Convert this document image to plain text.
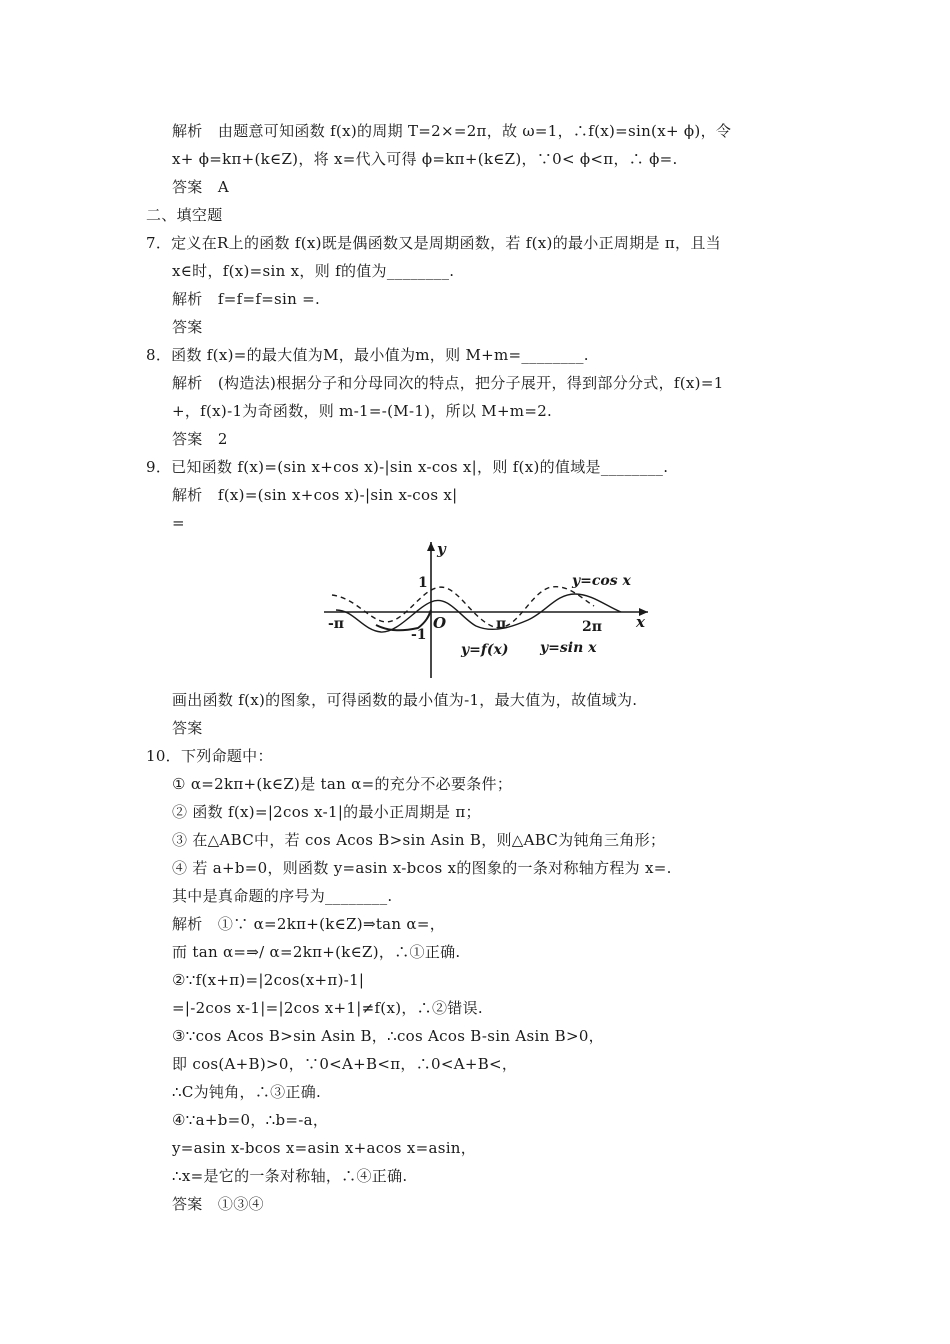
解析　由题意可知函数 f(x)的周期 T=2×=2π，故 ω=1，∴f(x)=sin(x+ ϕ)，令
x+ ϕ=kπ+(k∈Z)，将 x=代入可得 ϕ=kπ+(k∈Z)，∵0< ϕ<π，∴ ϕ=.
答案　A
二、填空题
7．定义在R上的函数 f(x)既是偶函数又是周期函数，若 f(x)的最小正周期是 π，且当
x∈时，f(x)=sin x，则 f的值为________.
解析　f=f=f=sin =.
答案
8．函数 f(x)=的最大值为M，最小值为m，则 M+m=________.
解析　(构造法)根据分子和分母同次的特点，把分子展开，得到部分分式，f(x)=1
+，f(x)-1为奇函数，则 m-1=-(M-1)，所以 M+m=2.
答案　2
9．已知函数 f(x)=(sin x+cos x)-|sin x-cos x|，则 f(x)的值域是________.
解析　f(x)=(sin x+cos x)-|sin x-cos x|
=
y
x
1
-1
O
-π	π	2π
y=cos x
y=f(x) y=sin x
画出函数 f(x)的图象，可得函数的最小值为-1，最大值为，故值域为.
答案
10．下列命题中：
① α=2kπ+(k∈Z)是 tan α=的充分不必要条件；
② 函数 f(x)=|2cos x-1|的最小正周期是 π；
③ 在△ABC中，若 cos Acos B>sin Asin B，则△ABC为钝角三角形；
④ 若 a+b=0，则函数 y=asin x-bcos x的图象的一条对称轴方程为 x=.
其中是真命题的序号为________.
解析　①∵ α=2kπ+(k∈Z)⇒tan α=，
而 tan α=⇒/ α=2kπ+(k∈Z)，∴①正确.
②∵f(x+π)=|2cos(x+π)-1|
=|-2cos x-1|=|2cos x+1|≠f(x)，∴②错误.
③∵cos Acos B>sin Asin B，∴cos Acos B-sin Asin B>0，
即 cos(A+B)>0，∵0<A+B<π，∴0<A+B<，
∴C为钝角，∴③正确.
④∵a+b=0，∴b=-a，
y=asin x-bcos x=asin x+acos x=asin，
∴x=是它的一条对称轴，∴④正确.
答案　①③④
